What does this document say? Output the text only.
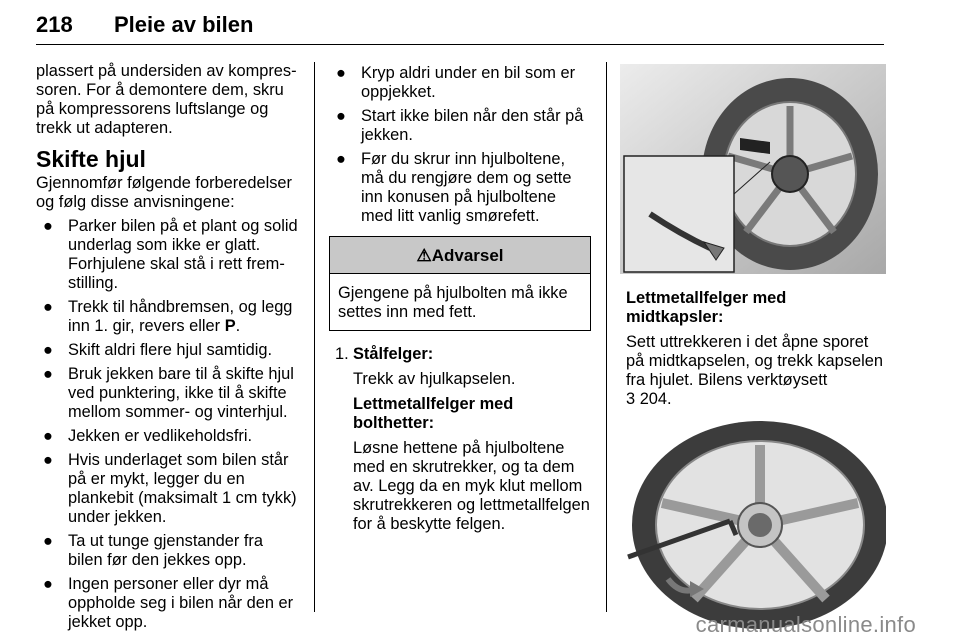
218 Pleie av bilen

plassert på undersiden av kompressoren. For å demontere dem, skru på kompressorens luftslange og trekk ut adapteren.

Skifte hjul

Gjennomfør følgende forberedelser og følg disse anvisningene:

● Parker bilen på et plant og solid underlag som ikke er glatt. Forhjulene skal stå i rett frem-stilling.
● Trekk til håndbremsen, og legg inn 1. gir, revers eller P.
● Skift aldri flere hjul samtidig.
● Bruk jekken bare til å skifte hjul ved punktering, ikke til å skifte mellom sommer- og vinterhjul.
● Jekken er vedlikeholdsfri.
● Hvis underlaget som bilen står på er mykt, legger du en plankebit (maksimalt 1 cm tykk) under jekken.
● Ta ut tunge gjenstander fra bilen før den jekkes opp.
● Ingen personer eller dyr må oppholde seg i bilen når den er jekket opp.
● Kryp aldri under en bil som er oppjekket.
● Start ikke bilen når den står på jekken.
● Før du skrur inn hjulboltene, må du rengjøre dem og sette inn konusen på hjulboltene med litt vanlig smørefett.
⚠ Advarsel
Gjengene på hjulbolten må ikke settes inn med fett.
1. Stålfelger:

Trekk av hjulkapselen.

Lettmetallfelger med bolthetter:

Løsne hettene på hjulboltene med en skrutrekker, og ta dem av. Legg da en myk klut mellom skrutrekkeren og lettmetallfelgen for å beskytte felgen.

Lettmetallfelger med midtkapsler:

Sett uttrekkeren i det åpne sporet på midtkapselen, og trekk kapselen fra hjulet. Bilens verktøysett
3 204.

carmanualsonline.info
